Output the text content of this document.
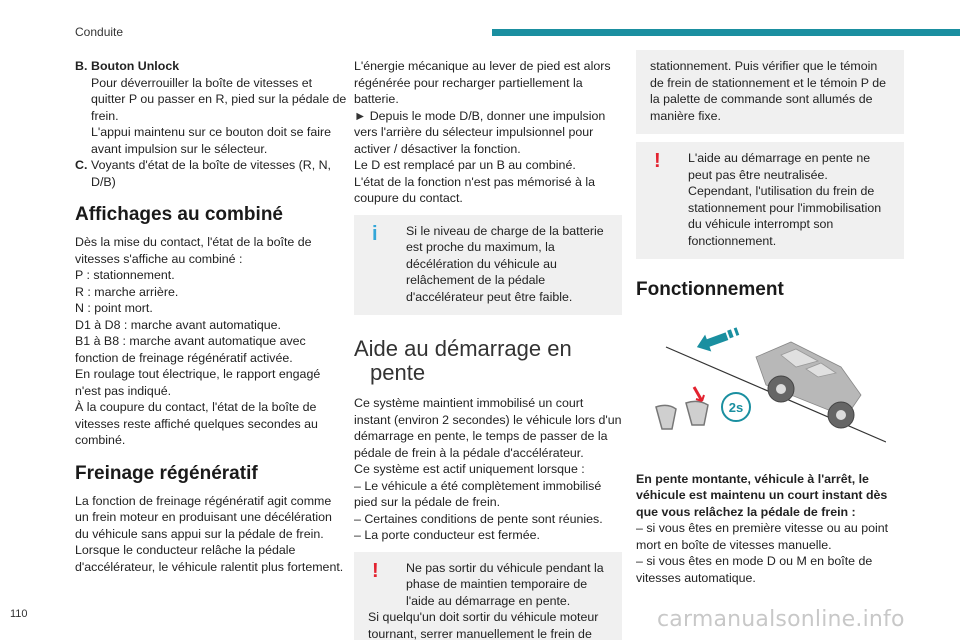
Conduite
B. Bouton Unlock

Pour déverrouiller la boîte de vitesses et quitter P ou passer en R, pied sur la pédale de frein.

L'appui maintenu sur ce bouton doit se faire avant impulsion sur le sélecteur.

C. Voyants d'état de la boîte de vitesses (R, N, D/B)

Affichages au combiné

Dès la mise du contact, l'état de la boîte de vitesses s'affiche au combiné :

P : stationnement.

R : marche arrière.

N : point mort.

D1 à D8 : marche avant automatique.

B1 à B8 : marche avant automatique avec fonction de freinage régénératif activée.

En roulage tout électrique, le rapport engagé n'est pas indiqué.

À la coupure du contact, l'état de la boîte de vitesses reste affiché quelques secondes au combiné.

Freinage régénératif

La fonction de freinage régénératif agit comme un frein moteur en produisant une décélération du véhicule sans appui sur la pédale de frein. Lorsque le conducteur relâche la pédale d'accélérateur, le véhicule ralentit plus fortement.

L'énergie mécanique au lever de pied est alors régénérée pour recharger partiellement la batterie.

► Depuis le mode D/B, donner une impulsion vers l'arrière du sélecteur impulsionnel pour activer / désactiver la fonction.

Le D est remplacé par un B au combiné.

L'état de la fonction n'est pas mémorisé à la coupure du contact.

i	Si le niveau de charge de la batterie est proche du maximum, la décélération du véhicule au relâchement de la pédale d'accélérateur peut être faible.

Aide au démarrage en
pente

Ce système maintient immobilisé un court instant (environ 2 secondes) le véhicule lors d'un démarrage en pente, le temps de passer de la pédale de frein à la pédale d'accélérateur.

Ce système est actif uniquement lorsque :

– Le véhicule a été complètement immobilisé pied sur la pédale de frein.

– Certaines conditions de pente sont réunies.

– La porte conducteur est fermée.

!	Ne pas sortir du véhicule pendant la phase de maintien temporaire de l'aide au démarrage en pente.

Si quelqu'un doit sortir du véhicule moteur tournant, serrer manuellement le frein de

stationnement. Puis vérifier que le témoin de frein de stationnement et le témoin P de la palette de commande sont allumés de manière fixe.

!	L'aide au démarrage en pente ne peut pas être neutralisée. Cependant, l'utilisation du frein de stationnement pour l'immobilisation du véhicule interrompt son fonctionnement.

Fonctionnement
2s

En pente montante, véhicule à l'arrêt, le véhicule est maintenu un court instant dès que vous relâchez la pédale de frein :

– si vous êtes en première vitesse ou au point mort en boîte de vitesses manuelle.

– si vous êtes en mode D ou M en boîte de vitesses automatique.

110	carmanualsonline.info
